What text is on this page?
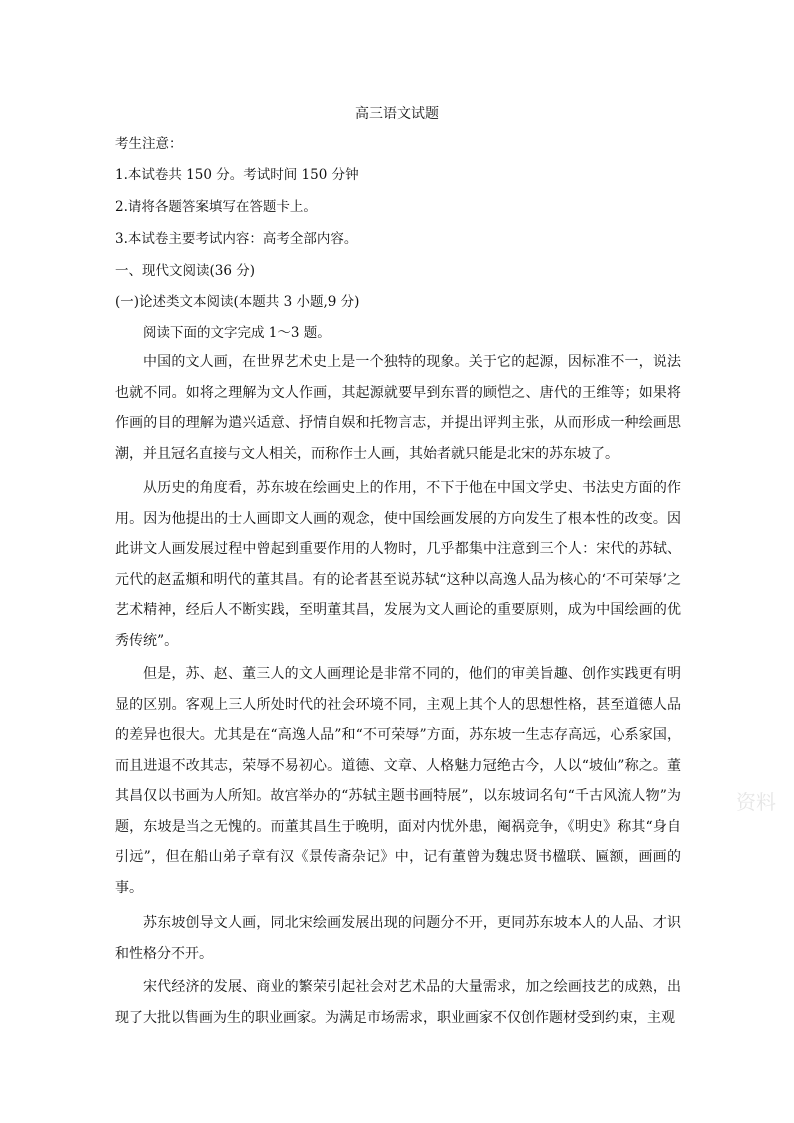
高三语文试题
考生注意：
1.本试卷共 150 分。考试时间 150 分钟
2.请将各题答案填写在答题卡上。
3.本试卷主要考试内容：高考全部内容。
一、现代文阅读(36 分)
(一)论述类文本阅读(本题共 3 小题,9 分)
阅读下面的文字完成 1～3 题。
中国的文人画，在世界艺术史上是一个独特的现象。关于它的起源，因标准不一，说法也就不同。如将之理解为文人作画，其起源就要早到东晋的顾恺之、唐代的王维等；如果将作画的目的理解为遣兴适意、抒情自娱和托物言志，并提出评判主张，从而形成一种绘画思潮，并且冠名直接与文人相关，而称作士人画，其始者就只能是北宋的苏东坡了。
从历史的角度看，苏东坡在绘画史上的作用，不下于他在中国文学史、书法史方面的作用。因为他提出的士人画即文人画的观念，使中国绘画发展的方向发生了根本性的改变。因此讲文人画发展过程中曾起到重要作用的人物时，几乎都集中注意到三个人：宋代的苏轼、元代的赵孟頫和明代的董其昌。有的论者甚至说苏轼“这种以高逸人品为核心的‘不可荣辱’之艺术精神，经后人不断实践，至明董其昌，发展为文人画论的重要原则，成为中国绘画的优秀传统”。
但是，苏、赵、董三人的文人画理论是非常不同的，他们的审美旨趣、创作实践更有明显的区别。客观上三人所处时代的社会环境不同，主观上其个人的思想性格，甚至道德人品的差异也很大。尤其是在“高逸人品”和“不可荣辱”方面，苏东坡一生志存高远，心系家国，而且进退不改其志，荣辱不易初心。道德、文章、人格魅力冠绝古今，人以“坡仙”称之。董其昌仅以书画为人所知。故宫举办的“苏轼主题书画特展”，以东坡词名句“千古风流人物”为题，东坡是当之无愧的。而董其昌生于晚明，面对内忧外患，阉祸竞争，《明史》称其“身自引远”，但在船山弟子章有汉《景传斋杂记》中，记有董曾为魏忠贤书楹联、匾额，画画的事。
苏东坡创导文人画，同北宋绘画发展出现的问题分不开，更同苏东坡本人的人品、才识和性格分不开。
宋代经济的发展、商业的繁荣引起社会对艺术品的大量需求，加之绘画技艺的成熟，出现了大批以售画为生的职业画家。为满足市场需求，职业画家不仅创作题材受到约束，主观
资料
